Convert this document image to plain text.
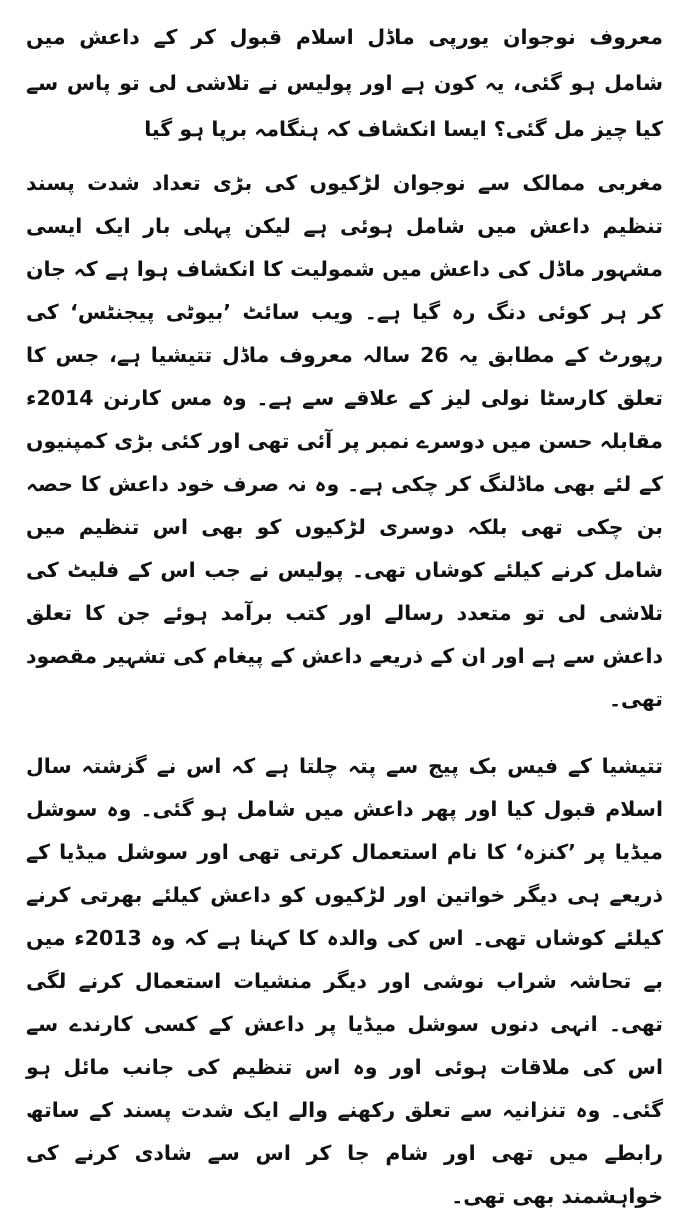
معروف نوجوان یورپی ماڈل اسلام قبول کر کے داعش میں شامل ہو گئی، یہ کون ہے اور پولیس نے تلاشی لی تو پاس سے کیا چیز مل گئی؟ ایسا انکشاف کہ ہنگامہ برپا ہو گیا

مغربی ممالک سے نوجوان لڑکیوں کی بڑی تعداد شدت پسند تنظیم داعش میں شامل ہوئی ہے لیکن پہلی بار ایک ایسی مشہور ماڈل کی داعش میں شمولیت کا انکشاف ہوا ہے کہ جان کر ہر کوئی دنگ رہ گیا ہے۔ ویب سائٹ ’بیوٹی پیجنٹس‘ کی رپورٹ کے مطابق یہ 26 سالہ معروف ماڈل تتیشیا ہے، جس کا تعلق کارسٹا نولی لیز کے علاقے سے ہے۔ وہ مس کارنن 2014ء مقابلہ حسن میں دوسرے نمبر پر آئی تھی اور کئی بڑی کمپنیوں کے لئے بھی ماڈلنگ کر چکی ہے۔ وہ نہ صرف خود داعش کا حصہ بن چکی تھی بلکہ دوسری لڑکیوں کو بھی اس تنظیم میں شامل کرنے کیلئے کوشاں تھی۔ پولیس نے جب اس کے فلیٹ کی تلاشی لی تو متعدد رسالے اور کتب برآمد ہوئے جن کا تعلق داعش سے ہے اور ان کے ذریعے داعش کے پیغام کی تشہیر مقصود تھی۔

تتیشیا کے فیس بک پیج سے پتہ چلتا ہے کہ اس نے گزشتہ سال اسلام قبول کیا اور پھر داعش میں شامل ہو گئی۔ وہ سوشل میڈیا پر ’کنزہ‘ کا نام استعمال کرتی تھی اور سوشل میڈیا کے ذریعے ہی دیگر خواتین اور لڑکیوں کو داعش کیلئے بھرتی کرنے کیلئے کوشاں تھی۔ اس کی والدہ کا کہنا ہے کہ وہ 2013ء میں بے تحاشہ شراب نوشی اور دیگر منشیات استعمال کرنے لگی تھی۔ انہی دنوں سوشل میڈیا پر داعش کے کسی کارندے سے اس کی ملاقات ہوئی اور وہ اس تنظیم کی جانب مائل ہو گئی۔ وہ تنزانیہ سے تعلق رکھنے والے ایک شدت پسند کے ساتھ رابطے میں تھی اور شام جا کر اس سے شادی کرنے کی خواہشمند بھی تھی۔
